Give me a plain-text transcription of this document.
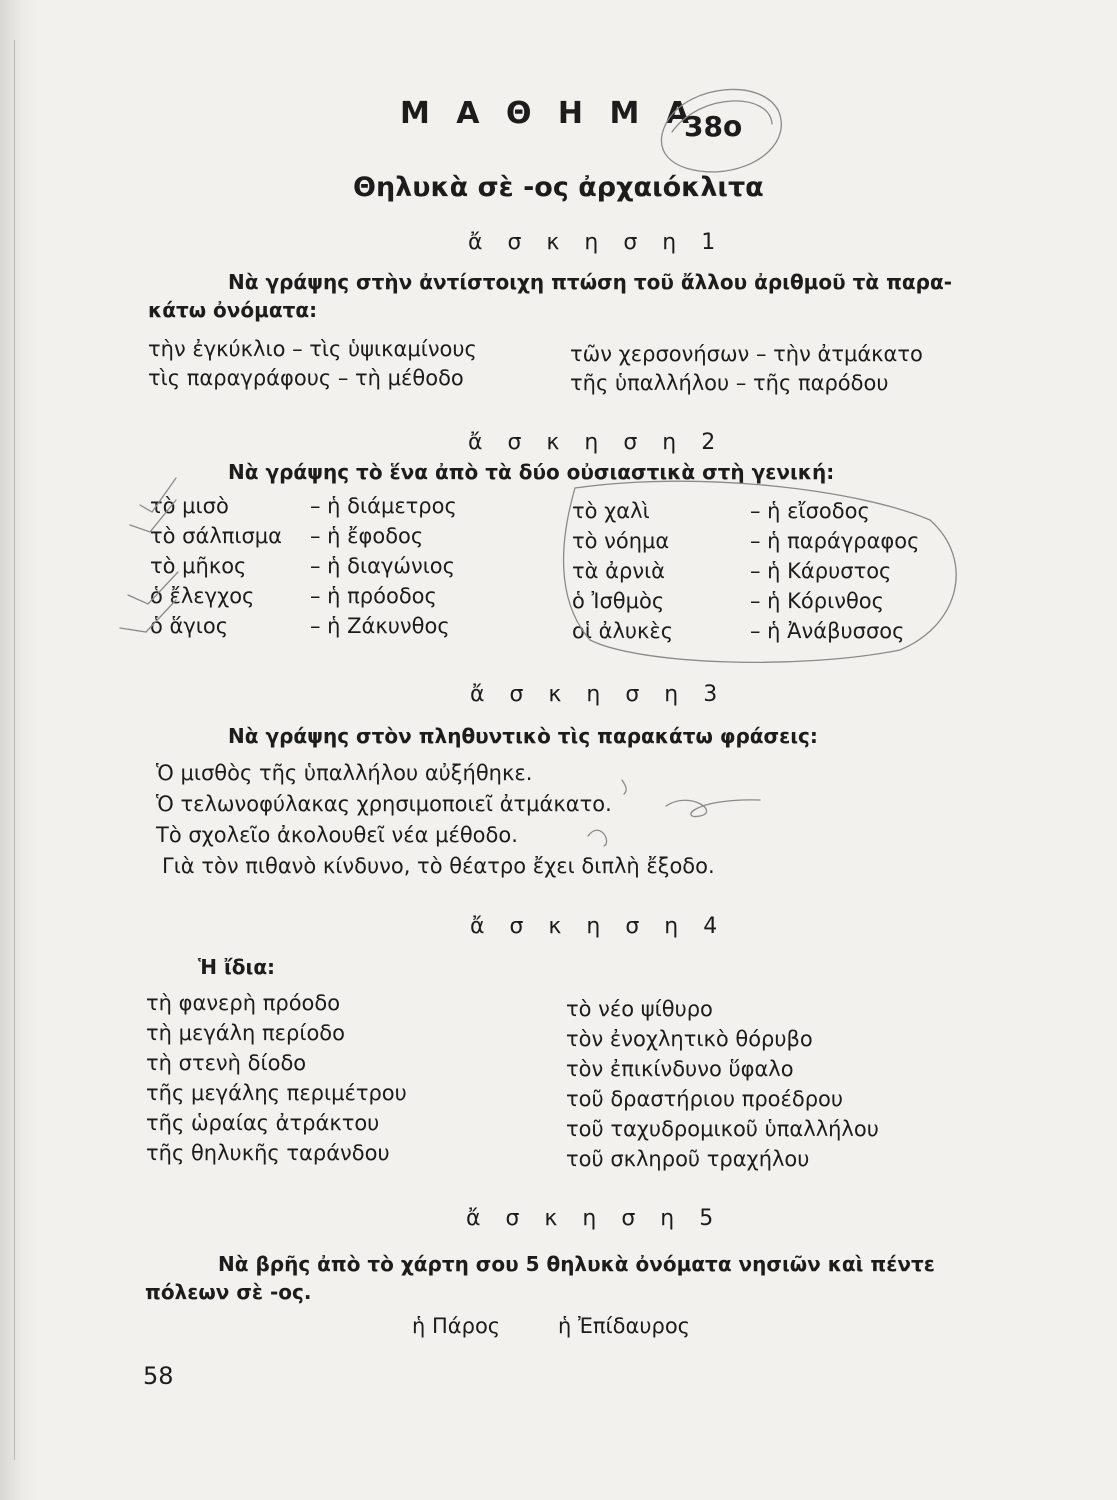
Μ Α Θ Η Μ Α
38ο
Θηλυκὰ σὲ -ος ἀρχαιόκλιτα
ἄ σ κ η σ η 1
Νὰ γράψης στὴν ἀντίστοιχη πτώση τοῦ ἄλλου ἀριθμοῦ τὰ παρα-
κάτω ὀνόματα:
τὴν ἐγκύκλιο – τὶς ὑψικαμίνους
τὶς παραγράφους – τὴ μέθοδο
τῶν χερσονήσων – τὴν ἀτμάκατο
τῆς ὑπαλλήλου – τῆς παρόδου
ἄ σ κ η σ η 2
Νὰ γράψης τὸ ἕνα ἀπὸ τὰ δύο οὐσιαστικὰ στὴ γενική:
τὸ μισὸ	– ἡ διάμετρος
τὸ σάλπισμα	– ἡ ἔφοδος
τὸ μῆκος	– ἡ διαγώνιος
ὁ ἔλεγχος	– ἡ πρόοδος
ὁ ἅγιος	– ἡ Ζάκυνθος
τὸ χαλὶ	– ἡ εἴσοδος
τὸ νόημα	– ἡ παράγραφος
τὰ ἀρνιὰ	– ἡ Κάρυστος
ὁ Ἰσθμὸς	– ἡ Κόρινθος
οἱ ἀλυκὲς	– ἡ Ἀνάβυσσος
ἄ σ κ η σ η 3
Νὰ γράψης στὸν πληθυντικὸ τὶς παρακάτω φράσεις:
Ὁ μισθὸς τῆς ὑπαλλήλου αὐξήθηκε.
Ὁ τελωνοφύλακας χρησιμοποιεῖ ἀτμάκατο.
Τὸ σχολεῖο ἀκολουθεῖ νέα μέθοδο.
Γιὰ τὸν πιθανὸ κίνδυνο, τὸ θέατρο ἔχει διπλὴ ἔξοδο.
ἄ σ κ η σ η 4
Ἡ ἴδια:
τὴ φανερὴ πρόοδο
τὴ μεγάλη περίοδο
τὴ στενὴ δίοδο
τῆς μεγάλης περιμέτρου
τῆς ὡραίας ἀτράκτου
τῆς θηλυκῆς ταράνδου
τὸ νέο ψίθυρο
τὸν ἐνοχλητικὸ θόρυβο
τὸν ἐπικίνδυνο ὕφαλο
τοῦ δραστήριου προέδρου
τοῦ ταχυδρομικοῦ ὑπαλλήλου
τοῦ σκληροῦ τραχήλου
ἄ σ κ η σ η 5
Νὰ βρῆς ἀπὸ τὸ χάρτη σου 5 θηλυκὰ ὀνόματα νησιῶν καὶ πέντε
πόλεων σὲ -ος.
ἡ Πάρος	ἡ Ἐπίδαυρος
58
